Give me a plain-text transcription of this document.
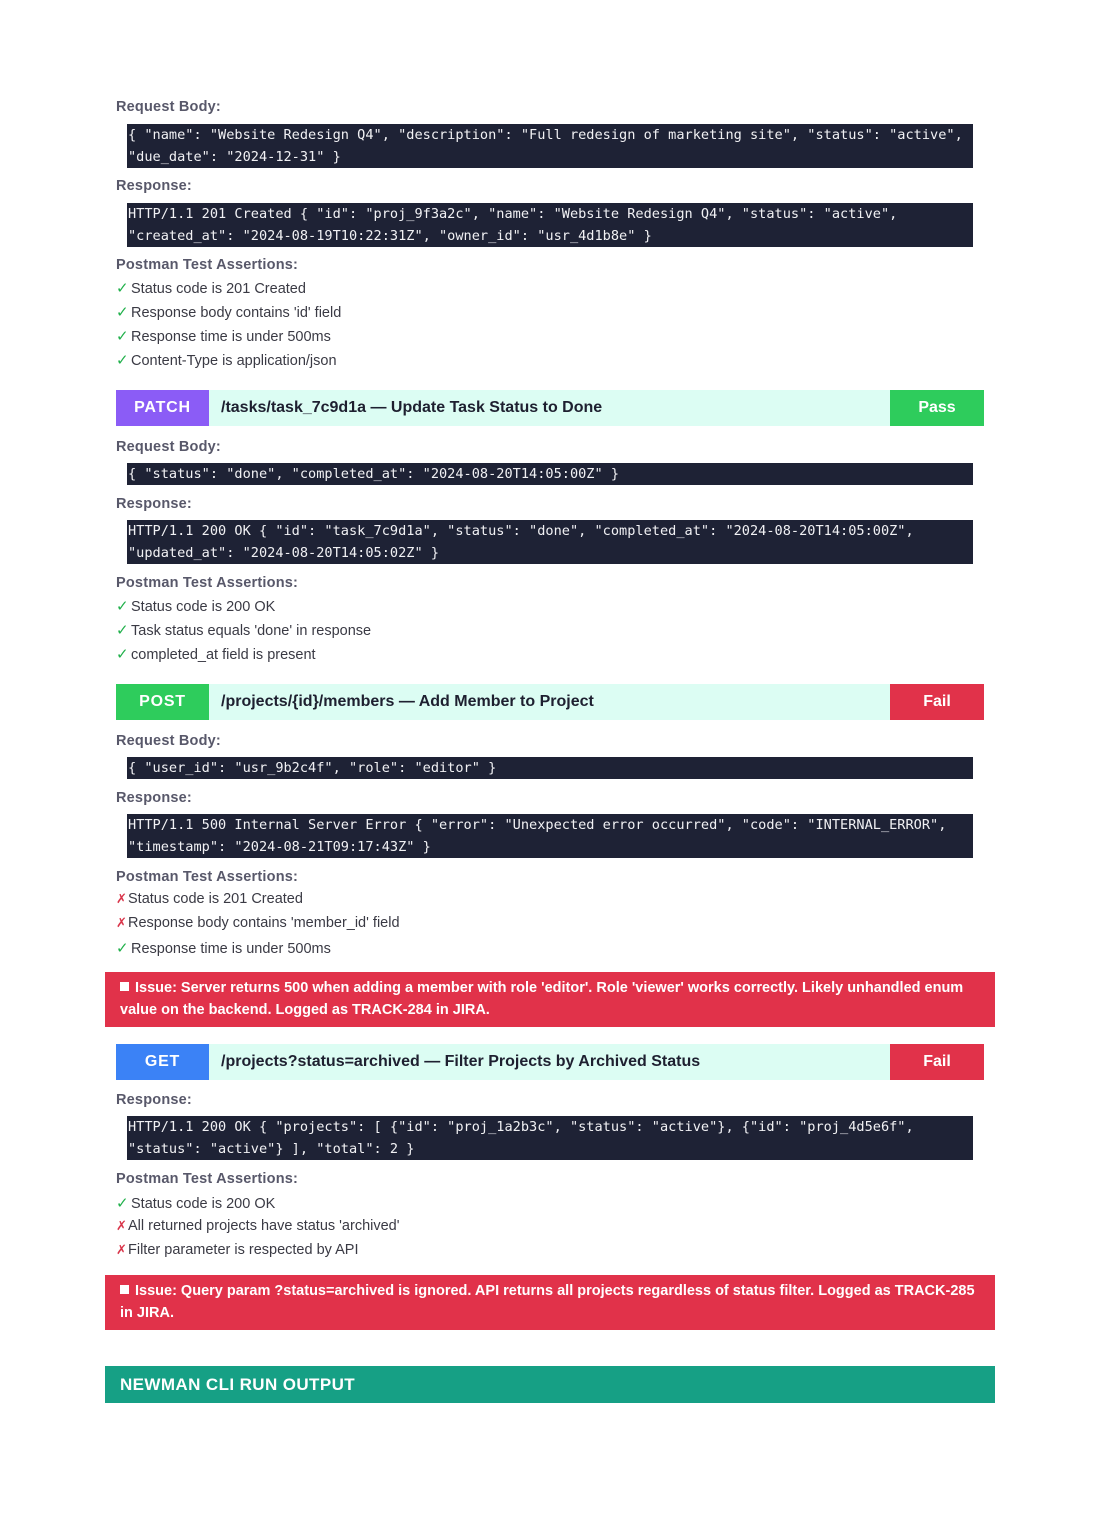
Request Body:
{ "name": "Website Redesign Q4", "description": "Full redesign of marketing site", "status": "active", "due_date": "2024-12-31" }
Response:
HTTP/1.1 201 Created { "id": "proj_9f3a2c", "name": "Website Redesign Q4", "status": "active", "created_at": "2024-08-19T10:22:31Z", "owner_id": "usr_4d1b8e" }
Postman Test Assertions:
✓ Status code is 201 Created
✓ Response body contains 'id' field
✓ Response time is under 500ms
✓ Content-Type is application/json
PATCH	/tasks/task_7c9d1a — Update Task Status to Done	Pass
Request Body:
{ "status": "done", "completed_at": "2024-08-20T14:05:00Z" }
Response:
HTTP/1.1 200 OK { "id": "task_7c9d1a", "status": "done", "completed_at": "2024-08-20T14:05:00Z", "updated_at": "2024-08-20T14:05:02Z" }
Postman Test Assertions:
✓ Status code is 200 OK
✓ Task status equals 'done' in response
✓ completed_at field is present
POST	/projects/{id}/members — Add Member to Project	Fail
Request Body:
{ "user_id": "usr_9b2c4f", "role": "editor" }
Response:
HTTP/1.1 500 Internal Server Error { "error": "Unexpected error occurred", "code": "INTERNAL_ERROR", "timestamp": "2024-08-21T09:17:43Z" }
Postman Test Assertions:
✗Status code is 201 Created
✗Response body contains 'member_id' field
✓ Response time is under 500ms
Issue: Server returns 500 when adding a member with role 'editor'. Role 'viewer' works correctly. Likely unhandled enum value on the backend. Logged as TRACK-284 in JIRA.
GET	/projects?status=archived — Filter Projects by Archived Status	Fail
Response:
HTTP/1.1 200 OK { "projects": [ {"id": "proj_1a2b3c", "status": "active"}, {"id": "proj_4d5e6f", "status": "active"} ], "total": 2 }
Postman Test Assertions:
✓ Status code is 200 OK
✗All returned projects have status 'archived'
✗Filter parameter is respected by API
Issue: Query param ?status=archived is ignored. API returns all projects regardless of status filter. Logged as TRACK-285 in JIRA.
NEWMAN CLI RUN OUTPUT
